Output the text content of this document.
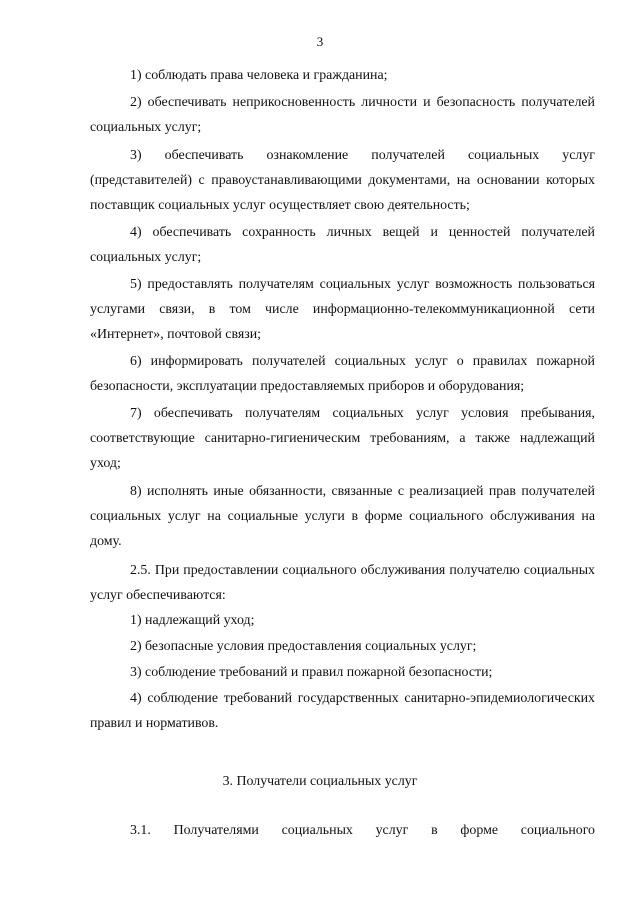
3

1) соблюдать права человека и гражданина;

2) обеспечивать неприкосновенность личности и безопасность получателей социальных услуг;

3) обеспечивать ознакомление получателей социальных услуг (представителей) с правоустанавливающими документами, на основании которых поставщик социальных услуг осуществляет свою деятельность;

4) обеспечивать сохранность личных вещей и ценностей получателей социальных услуг;

5) предоставлять получателям социальных услуг возможность пользоваться услугами связи, в том числе информационно-телекоммуникационной сети «Интернет», почтовой связи;

6) информировать получателей социальных услуг о правилах пожарной безопасности, эксплуатации предоставляемых приборов и оборудования;

7) обеспечивать получателям социальных услуг условия пребывания, соответствующие санитарно-гигиеническим требованиям, а также надлежащий уход;

8) исполнять иные обязанности, связанные с реализацией прав получателей социальных услуг на социальные услуги в форме социального обслуживания на дому.

2.5. При предоставлении социального обслуживания получателю социальных услуг обеспечиваются:

1) надлежащий уход;

2) безопасные условия предоставления социальных услуг;

3) соблюдение требований и правил пожарной безопасности;

4) соблюдение требований государственных санитарно-эпидемиологических правил и нормативов.

3. Получатели социальных услуг

3.1. Получателями социальных услуг в форме социального
